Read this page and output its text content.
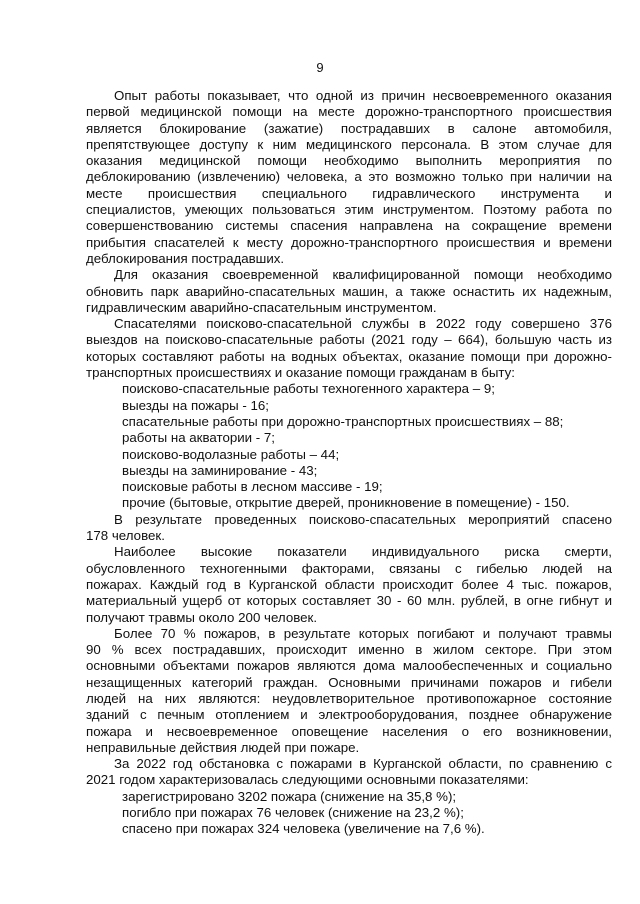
9
Опыт работы показывает, что одной из причин несвоевременного оказания
первой медицинской помощи на месте дорожно-транспортного происшествия
является блокирование (зажатие) пострадавших в салоне автомобиля,
препятствующее доступу к ним медицинского персонала. В этом случае для
оказания медицинской помощи необходимо выполнить мероприятия по
деблокированию (извлечению) человека, а это возможно только при наличии на
месте происшествия специального гидравлического инструмента и
специалистов, умеющих пользоваться этим инструментом. Поэтому работа по
совершенствованию системы спасения направлена на сокращение времени
прибытия спасателей к месту дорожно-транспортного происшествия и времени
деблокирования пострадавших.
Для оказания своевременной квалифицированной помощи необходимо
обновить парк аварийно-спасательных машин, а также оснастить их надежным,
гидравлическим аварийно-спасательным инструментом.
Спасателями поисково-спасательной службы в 2022 году совершено 376
выездов на поисково-спасательные работы (2021 году – 664), большую часть из
которых составляют работы на водных объектах, оказание помощи при дорожно-
транспортных происшествиях и оказание помощи гражданам в быту:
поисково-спасательные работы техногенного характера – 9;
выезды на пожары - 16;
спасательные работы при дорожно-транспортных происшествиях – 88;
работы на акватории - 7;
поисково-водолазные работы – 44;
выезды на заминирование - 43;
поисковые работы в лесном массиве - 19;
прочие (бытовые, открытие дверей, проникновение в помещение) - 150.
В результате проведенных поисково-спасательных мероприятий спасено
178 человек.
Наиболее высокие показатели индивидуального риска смерти,
обусловленного техногенными факторами, связаны с гибелью людей на
пожарах. Каждый год в Курганской области происходит более 4 тыс. пожаров,
материальный ущерб от которых составляет 30 - 60 млн. рублей, в огне гибнут и
получают травмы около 200 человек.
Более 70 % пожаров, в результате которых погибают и получают травмы
90 % всех пострадавших, происходит именно в жилом секторе. При этом
основными объектами пожаров являются дома малообеспеченных и социально
незащищенных категорий граждан. Основными причинами пожаров и гибели
людей на них являются: неудовлетворительное противопожарное состояние
зданий с печным отоплением и электрооборудования, позднее обнаружение
пожара и несвоевременное оповещение населения о его возникновении,
неправильные действия людей при пожаре.
За 2022 год обстановка с пожарами в Курганской области, по сравнению с
2021 годом характеризовалась следующими основными показателями:
зарегистрировано 3202 пожара (снижение на 35,8 %);
погибло при пожарах 76 человек (снижение на 23,2 %);
спасено при пожарах 324 человека (увеличение на 7,6 %).
